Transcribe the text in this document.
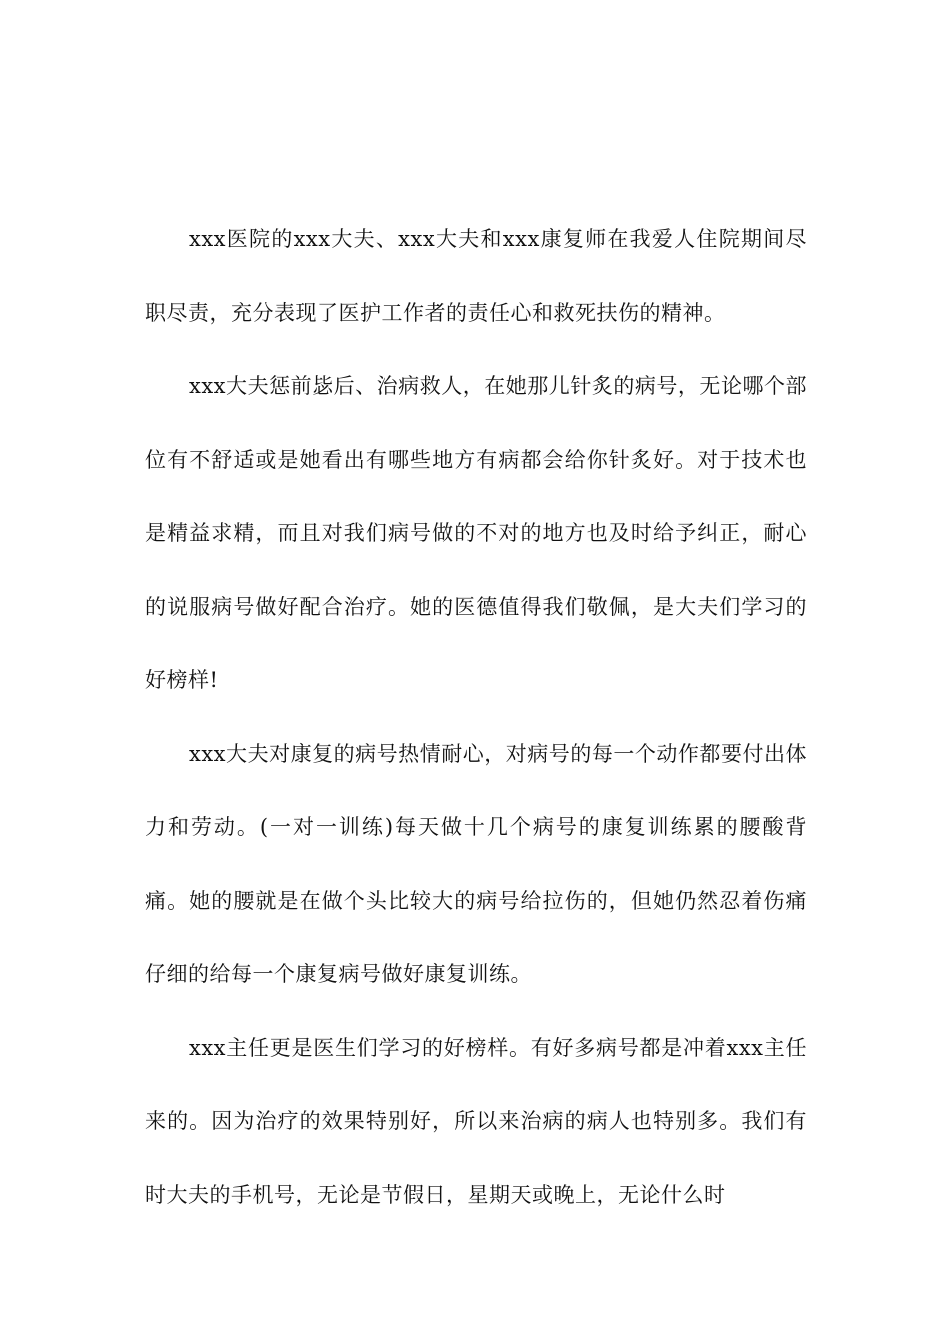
xxx医院的xxx大夫、xxx大夫和xxx康复师在我爱人住院期间尽职尽责，充分表现了医护工作者的责任心和救死扶伤的精神。

xxx大夫惩前毖后、治病救人，在她那儿针炙的病号，无论哪个部位有不舒适或是她看出有哪些地方有病都会给你针炙好。对于技术也是精益求精，而且对我们病号做的不对的地方也及时给予纠正，耐心的说服病号做好配合治疗。她的医德值得我们敬佩，是大夫们学习的好榜样!

xxx大夫对康复的病号热情耐心，对病号的每一个动作都要付出体力和劳动。(一对一训练)每天做十几个病号的康复训练累的腰酸背痛。她的腰就是在做个头比较大的病号给拉伤的，但她仍然忍着伤痛仔细的给每一个康复病号做好康复训练。

xxx主任更是医生们学习的好榜样。有好多病号都是冲着xxx主任来的。因为治疗的效果特别好，所以来治病的病人也特别多。我们有时大夫的手机号，无论是节假日，星期天或晚上，无论什么时
